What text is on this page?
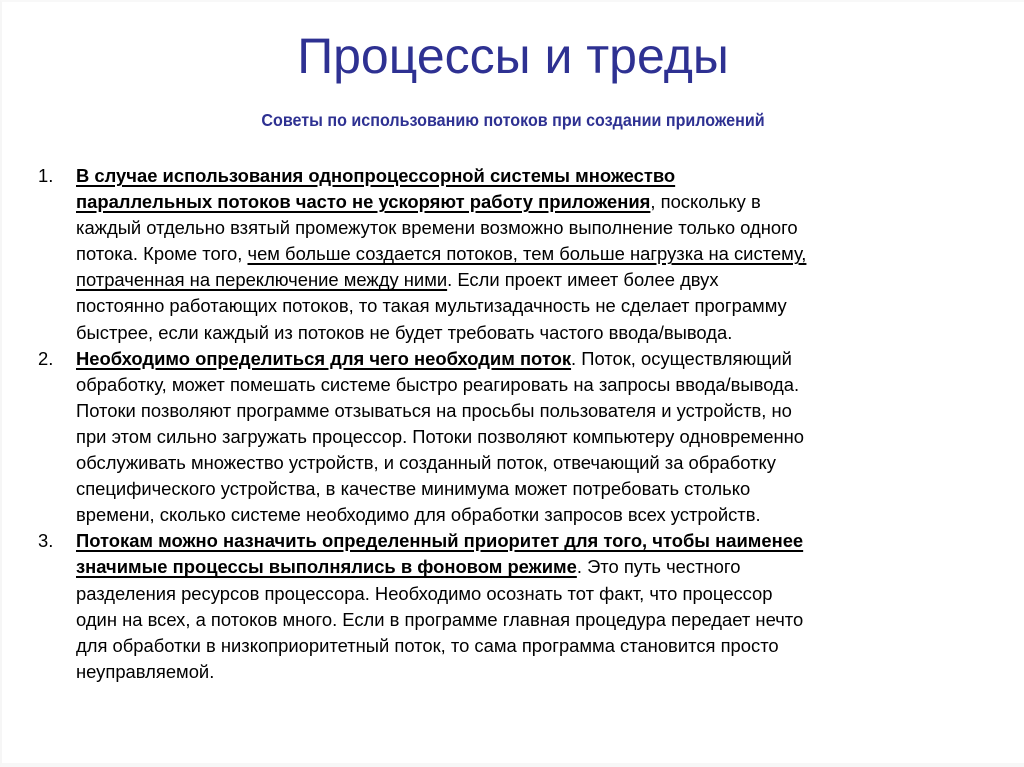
Процессы и треды
Советы по использованию потоков при создании приложений
1.	В случае использования однопроцессорной системы множество
параллельных потоков часто не ускоряют работу приложения, поскольку в
каждый отдельно взятый промежуток времени возможно выполнение только одного
потока. Кроме того, чем больше создается потоков, тем больше нагрузка на систему,
потраченная на переключение между ними. Если проект имеет более двух
постоянно работающих потоков, то такая мультизадачность не сделает программу
быстрее, если каждый из потоков не будет требовать частого ввода/вывода.
2.	Необходимо определиться для чего необходим поток. Поток, осуществляющий
обработку, может помешать системе быстро реагировать на запросы ввода/вывода.
Потоки позволяют программе отзываться на просьбы пользователя и устройств, но
при этом сильно загружать процессор. Потоки позволяют компьютеру одновременно
обслуживать множество устройств, и созданный поток, отвечающий за обработку
специфического устройства, в качестве минимума может потребовать столько
времени, сколько системе необходимо для обработки запросов всех устройств.
3.	Потокам можно назначить определенный приоритет для того, чтобы наименее
значимые процессы выполнялись в фоновом режиме. Это путь честного
разделения ресурсов процессора. Необходимо осознать тот факт, что процессор
один на всех, а потоков много. Если в программе главная процедура передает нечто
для обработки в низкоприоритетный поток, то сама программа становится просто
неуправляемой.
